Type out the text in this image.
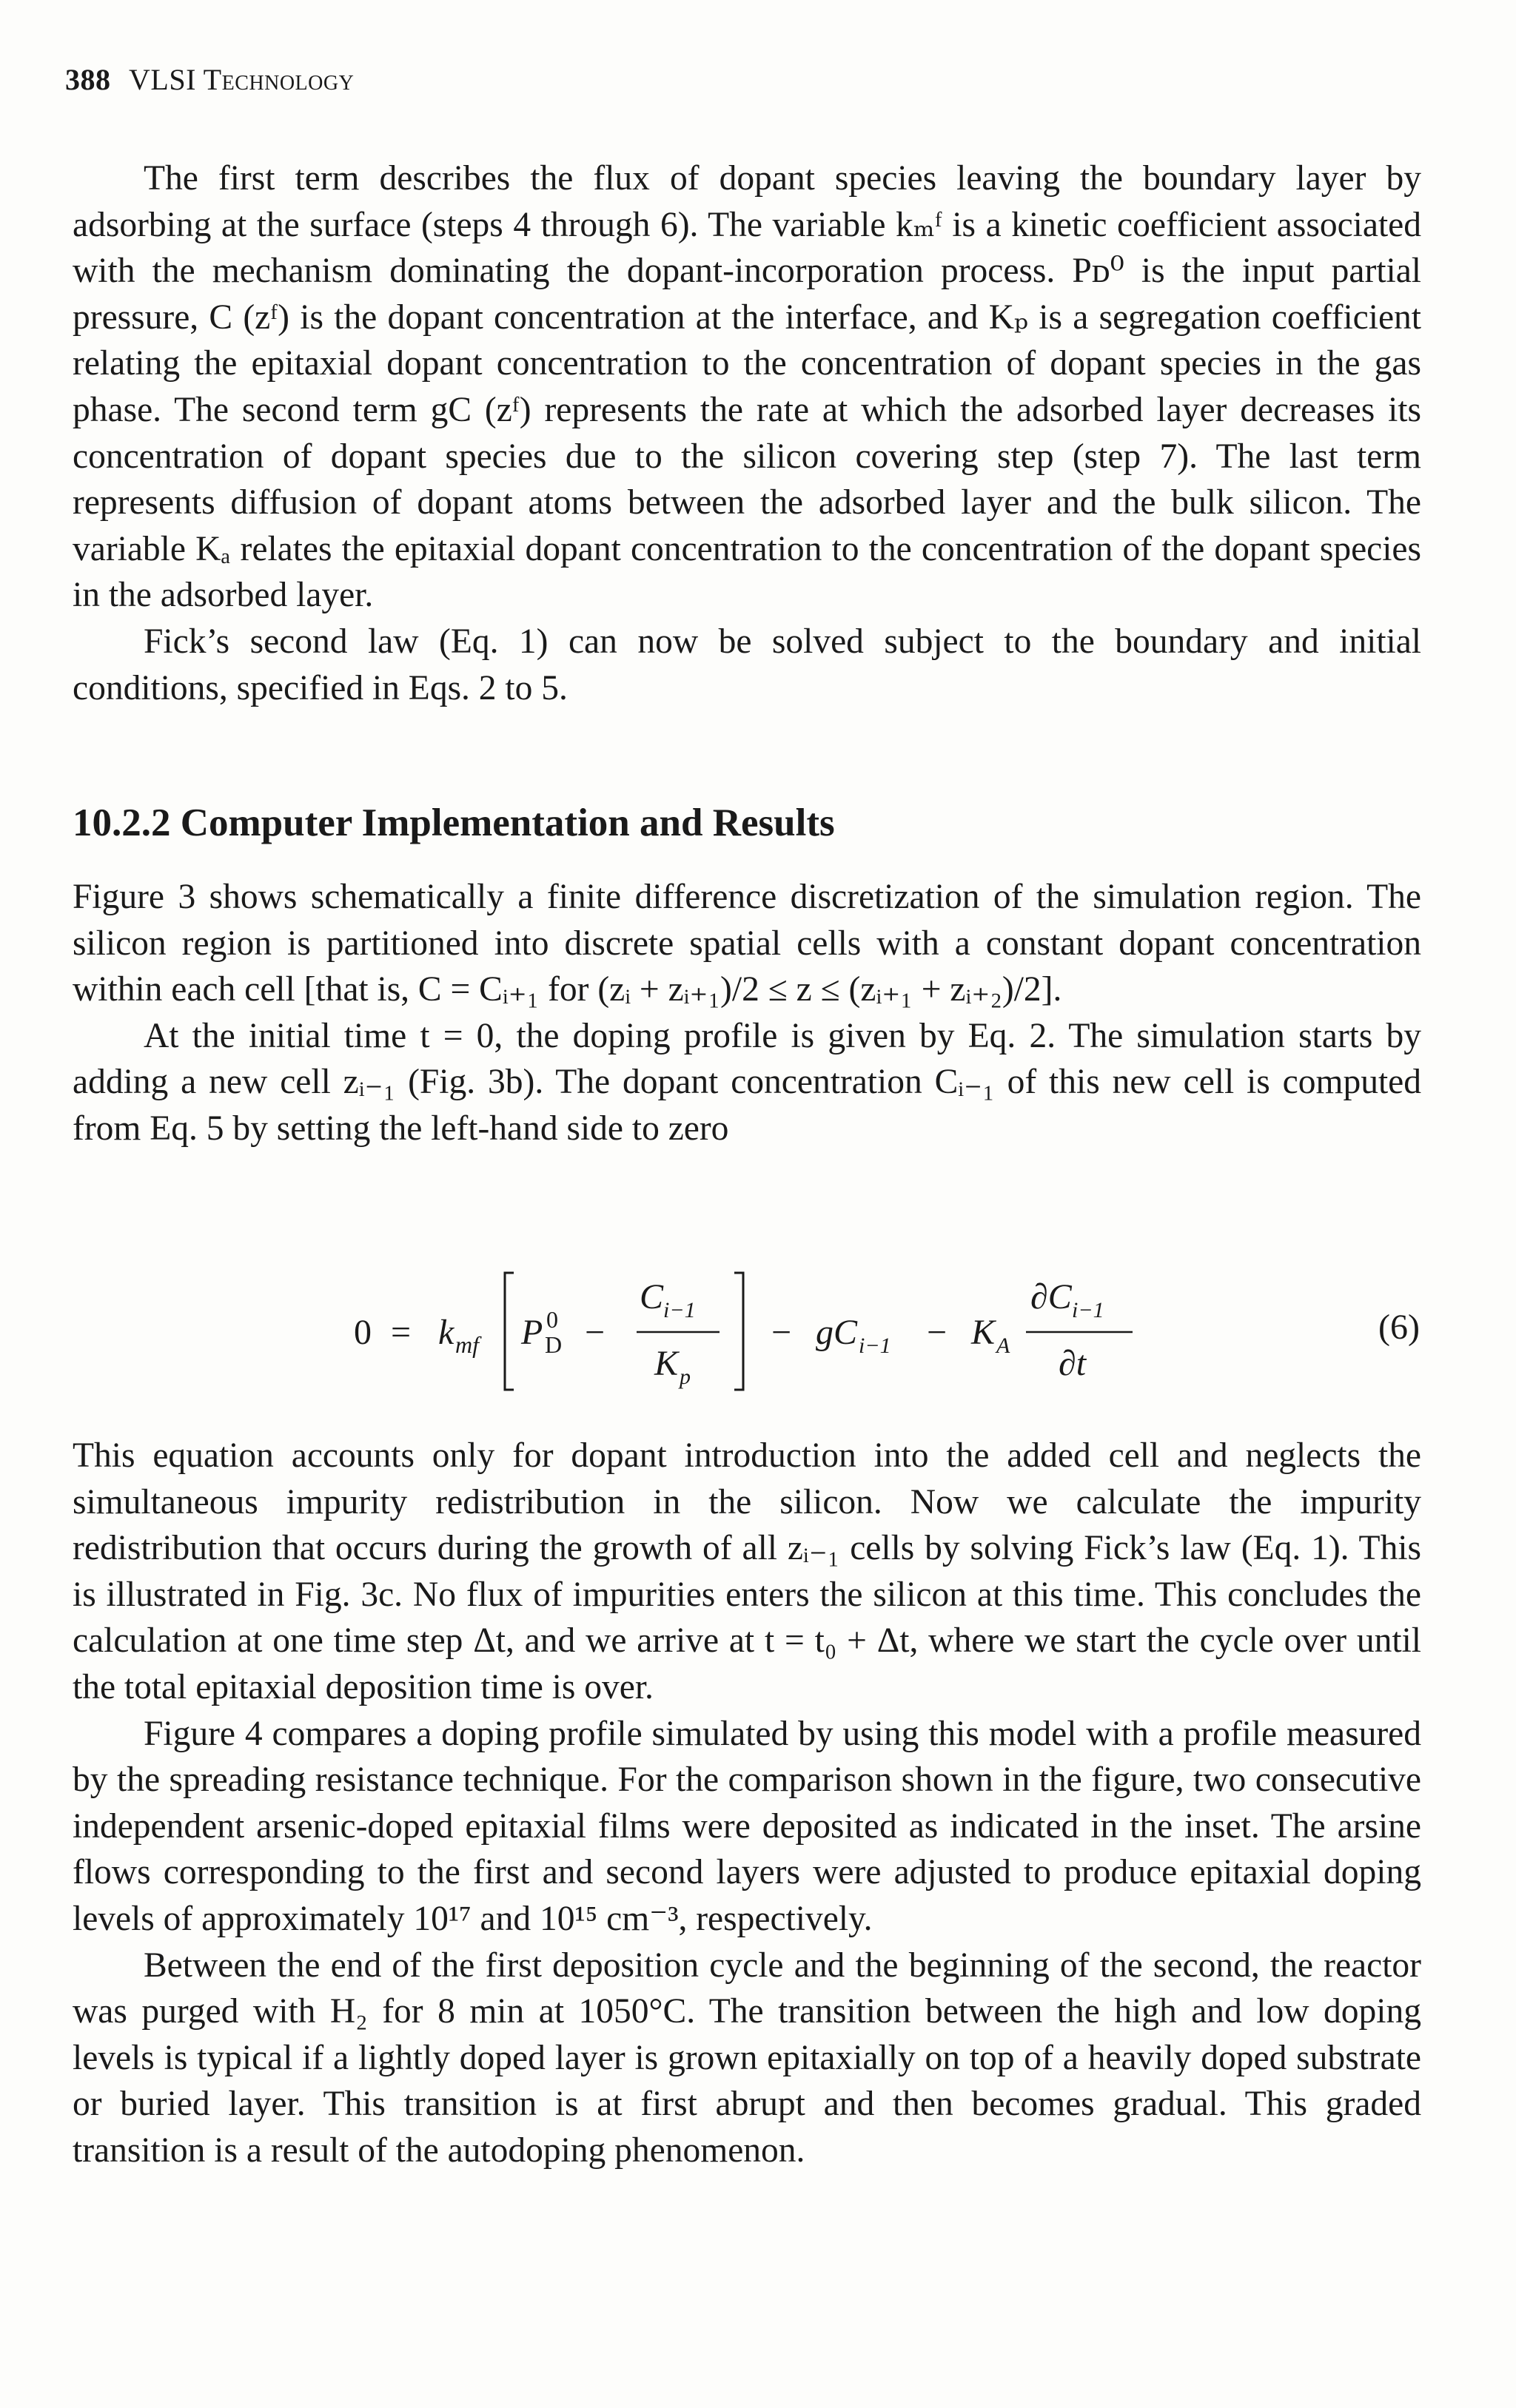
388 VLSI Technology

The first term describes the flux of dopant species leaving the boundary layer by adsorbing at the surface (steps 4 through 6). The variable kₘᶠ is a kinetic coefficient associated with the mechanism dominating the dopant-incorporation process. Pᴅ⁰ is the input partial pressure, C (zᶠ) is the dopant concentration at the interface, and Kₚ is a segregation coefficient relating the epitaxial dopant concentration to the concentration of dopant species in the gas phase. The second term gC (zᶠ) represents the rate at which the adsorbed layer decreases its concentration of dopant species due to the silicon covering step (step 7). The last term represents diffusion of dopant atoms between the adsorbed layer and the bulk silicon. The variable Kₐ relates the epitaxial dopant concentration to the concentration of the dopant species in the adsorbed layer.

Fick’s second law (Eq. 1) can now be solved subject to the boundary and initial conditions, specified in Eqs. 2 to 5.

10.2.2 Computer Implementation and Results

Figure 3 shows schematically a finite difference discretization of the simulation region. The silicon region is partitioned into discrete spatial cells with a constant dopant concentration within each cell [that is, C = Cᵢ₊₁ for (zᵢ + zᵢ₊₁)/2 ≤ z ≤ (zᵢ₊₁ + zᵢ₊₂)/2].

At the initial time t = 0, the doping profile is given by Eq. 2. The simulation starts by adding a new cell zᵢ₋₁ (Fig. 3b). The dopant concentration Cᵢ₋₁ of this new cell is computed from Eq. 5 by setting the left-hand side to zero

0 = k mf P D
0 −
C i−1
K p
− gC i−1 − K A
∂C i−1
∂t
(6)

This equation accounts only for dopant introduction into the added cell and neglects the simultaneous impurity redistribution in the silicon. Now we calculate the impurity redistribution that occurs during the growth of all zᵢ₋₁ cells by solving Fick’s law (Eq. 1). This is illustrated in Fig. 3c. No flux of impurities enters the silicon at this time. This concludes the calculation at one time step Δt, and we arrive at t = t₀ + Δt, where we start the cycle over until the total epitaxial deposition time is over.

Figure 4 compares a doping profile simulated by using this model with a profile measured by the spreading resistance technique. For the comparison shown in the figure, two consecutive independent arsenic-doped epitaxial films were deposited as indicated in the inset. The arsine flows corresponding to the first and second layers were adjusted to produce epitaxial doping levels of approximately 10¹⁷ and 10¹⁵ cm⁻³, respectively.

Between the end of the first deposition cycle and the beginning of the second, the reactor was purged with H₂ for 8 min at 1050°C. The transition between the high and low doping levels is typical if a lightly doped layer is grown epitaxially on top of a heavily doped substrate or buried layer. This transition is at first abrupt and then becomes gradual. This graded transition is a result of the autodoping phenomenon.
